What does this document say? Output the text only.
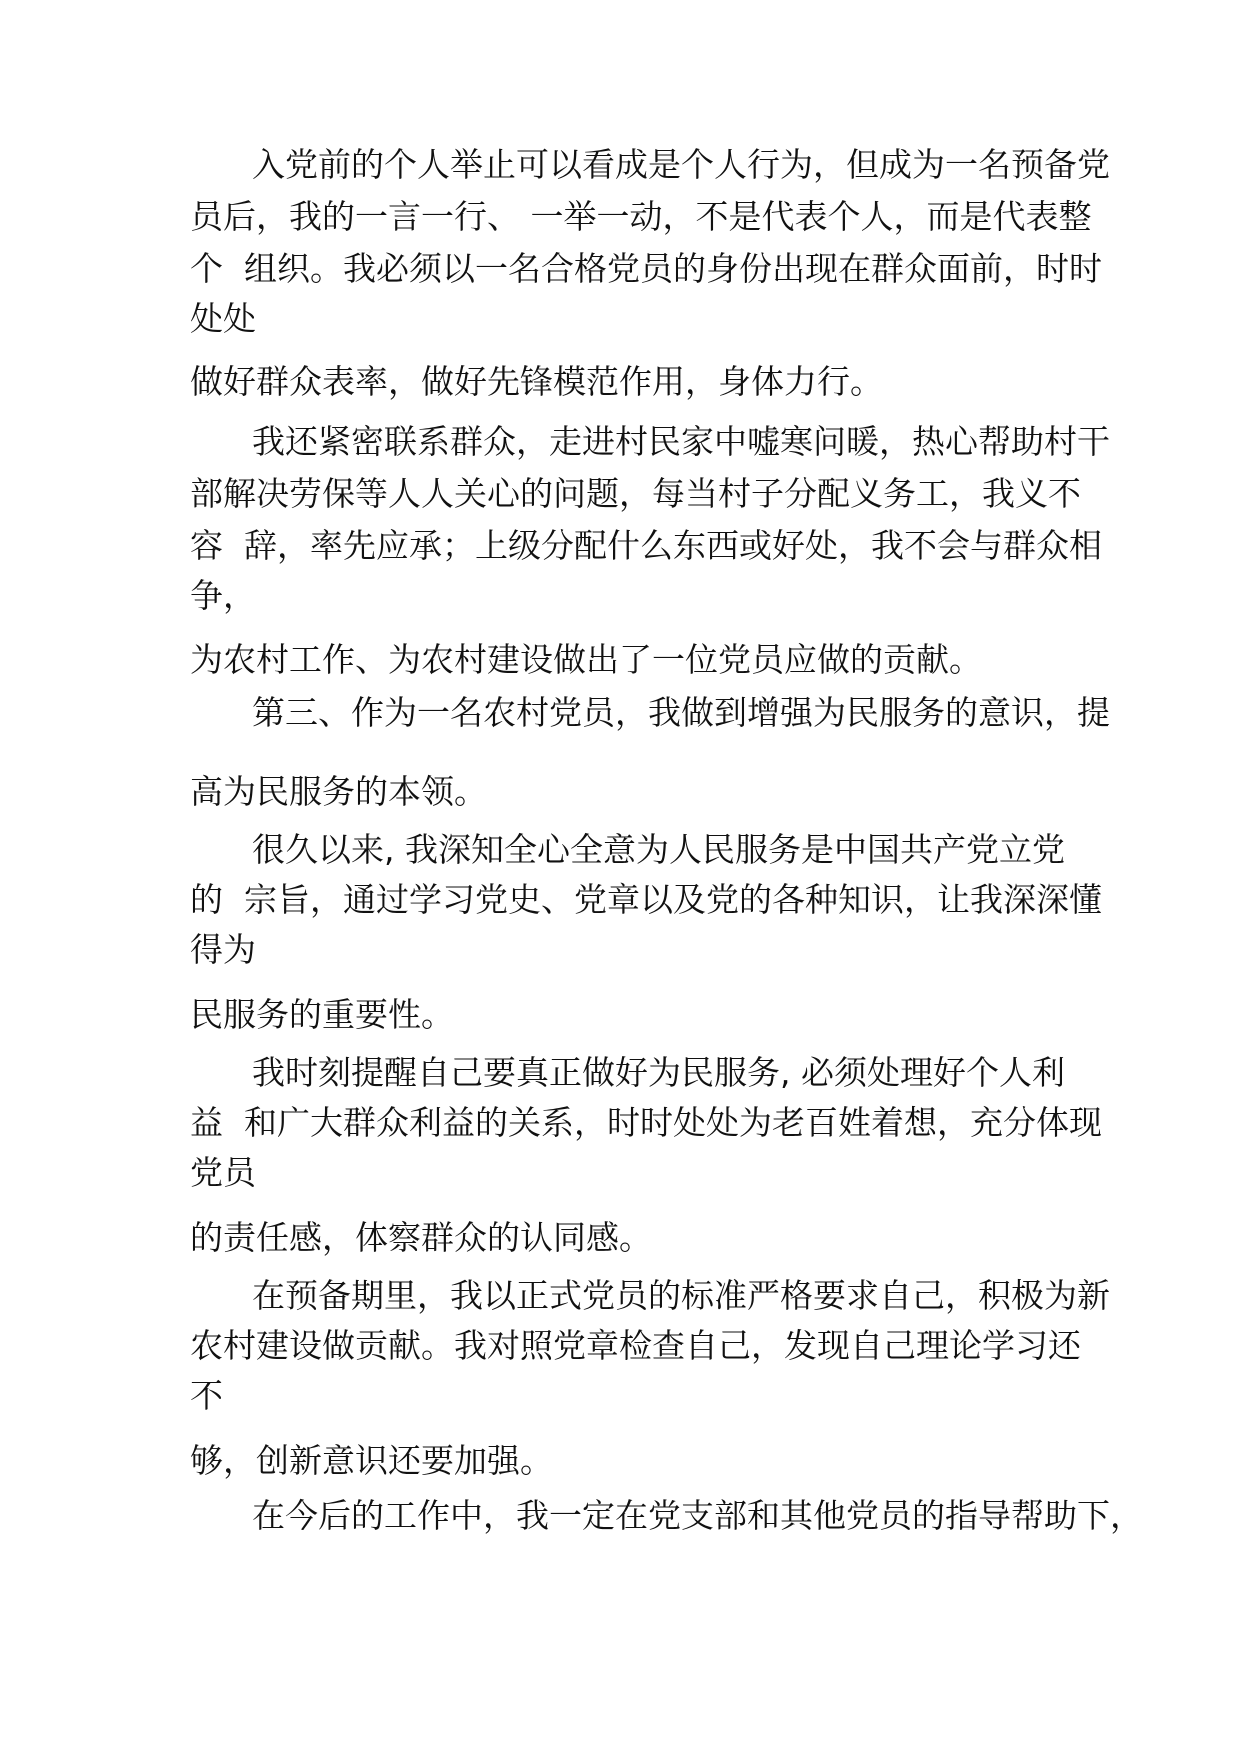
入党前的个人举止可以看成是个人行为，但成为一名预备党

员后，我的一言一行、 一举一动，不是代表个人，而是代表整

个  组织。我必须以一名合格党员的身份出现在群众面前，时时

处处

做好群众表率，做好先锋模范作用，身体力行。

我还紧密联系群众，走进村民家中嘘寒问暖，热心帮助村干

部解决劳保等人人关心的问题，每当村子分配义务工，我义不

容  辞，率先应承；上级分配什么东西或好处，我不会与群众相

争，

为农村工作、为农村建设做出了一位党员应做的贡献。

第三、作为一名农村党员，我做到增强为民服务的意识，提

高为民服务的本领。

很久以来, 我深知全心全意为人民服务是中国共产党立党

的  宗旨，通过学习党史、党章以及党的各种知识，让我深深懂

得为

民服务的重要性。

我时刻提醒自己要真正做好为民服务, 必须处理好个人利

益  和广大群众利益的关系，时时处处为老百姓着想，充分体现

党员

的责任感，体察群众的认同感。

在预备期里，我以正式党员的标准严格要求自己，积极为新

农村建设做贡献。我对照党章检查自己，发现自己理论学习还

不

够，创新意识还要加强。

在今后的工作中，我一定在党支部和其他党员的指导帮助下，
